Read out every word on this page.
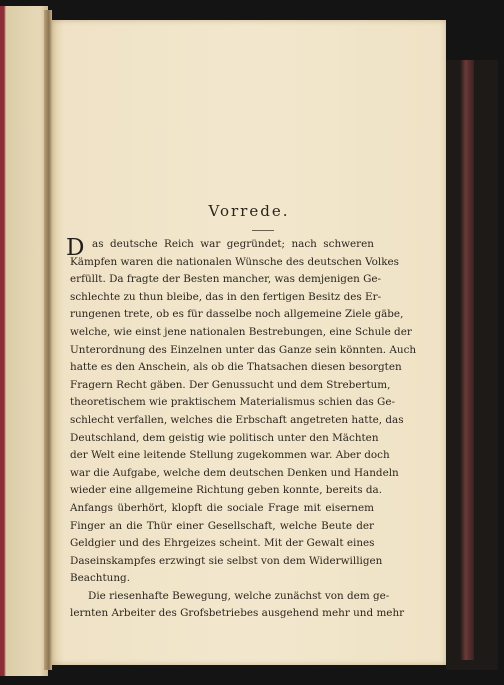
Vorrede.
D as deutsche Reich war gegründet; nach schweren
Kämpfen waren die nationalen Wünsche des deutschen Volkes
erfüllt. Da fragte der Besten mancher, was demjenigen Ge-
schlechte zu thun bleibe, das in den fertigen Besitz des Er-
rungenen trete, ob es für dasselbe noch allgemeine Ziele gäbe,
welche, wie einst jene nationalen Bestrebungen, eine Schule der
Unterordnung des Einzelnen unter das Ganze sein könnten. Auch
hatte es den Anschein, als ob die Thatsachen diesen besorgten
Fragern Recht gäben. Der Genussucht und dem Strebertum,
theoretischem wie praktischem Materialismus schien das Ge-
schlecht verfallen, welches die Erbschaft angetreten hatte, das
Deutschland, dem geistig wie politisch unter den Mächten
der Welt eine leitende Stellung zugekommen war. Aber doch
war die Aufgabe, welche dem deutschen Denken und Handeln
wieder eine allgemeine Richtung geben konnte, bereits da.
Anfangs überhört, klopft die sociale Frage mit eisernem
Finger an die Thür einer Gesellschaft, welche Beute der
Geldgier und des Ehrgeizes scheint. Mit der Gewalt eines
Daseinskampfes erzwingt sie selbst von dem Widerwilligen
Beachtung.
Die riesenhafte Bewegung, welche zunächst von dem ge-
lernten Arbeiter des Grofsbetriebes ausgehend mehr und mehr
